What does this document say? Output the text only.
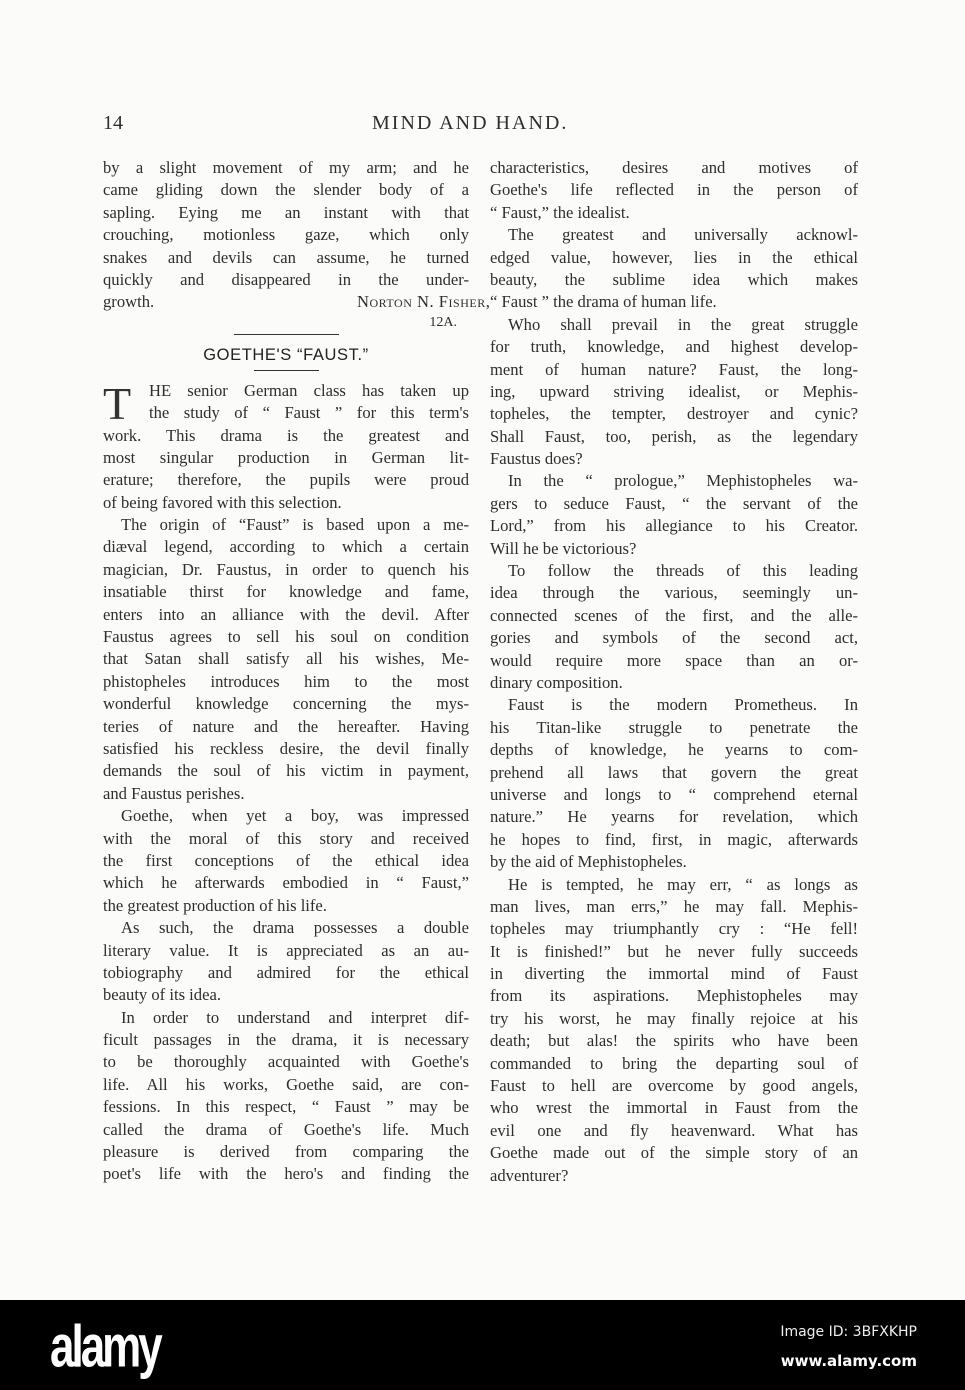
14	MIND AND HAND.
by a slight movement of my arm; and he
came gliding down the slender body of a
sapling. Eying me an instant with that
crouching, motionless gaze, which only
snakes and devils can assume, he turned
quickly and disappeared in the under-
growth.	Norton N. Fisher,
12A.
GOETHE'S “FAUST.”
T	HE senior German class has taken up
the study of “ Faust ” for this term's
work. This drama is the greatest and
most singular production in German lit-
erature; therefore, the pupils were proud
of being favored with this selection.
The origin of “Faust” is based upon a me-
diæval legend, according to which a certain
magician, Dr. Faustus, in order to quench his
insatiable thirst for knowledge and fame,
enters into an alliance with the devil. After
Faustus agrees to sell his soul on condition
that Satan shall satisfy all his wishes, Me-
phistopheles introduces him to the most
wonderful knowledge concerning the mys-
teries of nature and the hereafter. Having
satisfied his reckless desire, the devil finally
demands the soul of his victim in payment,
and Faustus perishes.
Goethe, when yet a boy, was impressed
with the moral of this story and received
the first conceptions of the ethical idea
which he afterwards embodied in “ Faust,”
the greatest production of his life.
As such, the drama possesses a double
literary value. It is appreciated as an au-
tobiography and admired for the ethical
beauty of its idea.
In order to understand and interpret dif-
ficult passages in the drama, it is necessary
to be thoroughly acquainted with Goethe's
life. All his works, Goethe said, are con-
fessions. In this respect, “ Faust ” may be
called the drama of Goethe's life. Much
pleasure is derived from comparing the
poet's life with the hero's and finding the
characteristics, desires and motives of
Goethe's life reflected in the person of
“ Faust,” the idealist.
The greatest and universally acknowl-
edged value, however, lies in the ethical
beauty, the sublime idea which makes
“ Faust ” the drama of human life.
Who shall prevail in the great struggle
for truth, knowledge, and highest develop-
ment of human nature? Faust, the long-
ing, upward striving idealist, or Mephis-
topheles, the tempter, destroyer and cynic?
Shall Faust, too, perish, as the legendary
Faustus does?
In the “ prologue,” Mephistopheles wa-
gers to seduce Faust, “ the servant of the
Lord,” from his allegiance to his Creator.
Will he be victorious?
To follow the threads of this leading
idea through the various, seemingly un-
connected scenes of the first, and the alle-
gories and symbols of the second act,
would require more space than an or-
dinary composition.
Faust is the modern Prometheus. In
his Titan-like struggle to penetrate the
depths of knowledge, he yearns to com-
prehend all laws that govern the great
universe and longs to “ comprehend eternal
nature.” He yearns for revelation, which
he hopes to find, first, in magic, afterwards
by the aid of Mephistopheles.
He is tempted, he may err, “ as longs as
man lives, man errs,” he may fall. Mephis-
topheles may triumphantly cry : “He fell!
It is finished!” but he never fully succeeds
in diverting the immortal mind of Faust
from its aspirations. Mephistopheles may
try his worst, he may finally rejoice at his
death; but alas! the spirits who have been
commanded to bring the departing soul of
Faust to hell are overcome by good angels,
who wrest the immortal in Faust from the
evil one and fly heavenward. What has
Goethe made out of the simple story of an
adventurer?
alamy	Image ID: 3BFXKHP
www.alamy.com
